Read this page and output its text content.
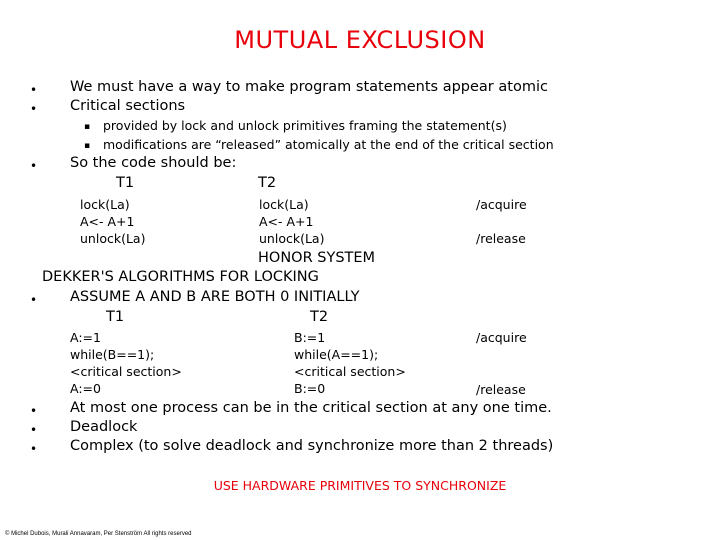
MUTUAL EXCLUSION
• We must have a way to make program statements appear atomic
• Critical sections
▪ provided by lock and unlock primitives framing the statement(s)
▪ modifications are “released” atomically at the end of the critical section
• So the code should be:
T1	T2
lock(La)
A<- A+1
unlock(La)
lock(La)
A<- A+1
unlock(La)
/acquire
/release
HONOR SYSTEM
DEKKER'S ALGORITHMS FOR LOCKING
• ASSUME A AND B ARE BOTH 0 INITIALLY
T1	T2
A:=1
while(B==1);
<critical section>
A:=0
B:=1
while(A==1);
<critical section>
B:=0
/acquire
/release
• At most one process can be in the critical section at any one time.
• Deadlock
• Complex (to solve deadlock and synchronize more than 2 threads)
USE HARDWARE PRIMITIVES TO SYNCHRONIZE
© Michel Dubois, Murali Annavaram, Per Stenström All rights reserved
